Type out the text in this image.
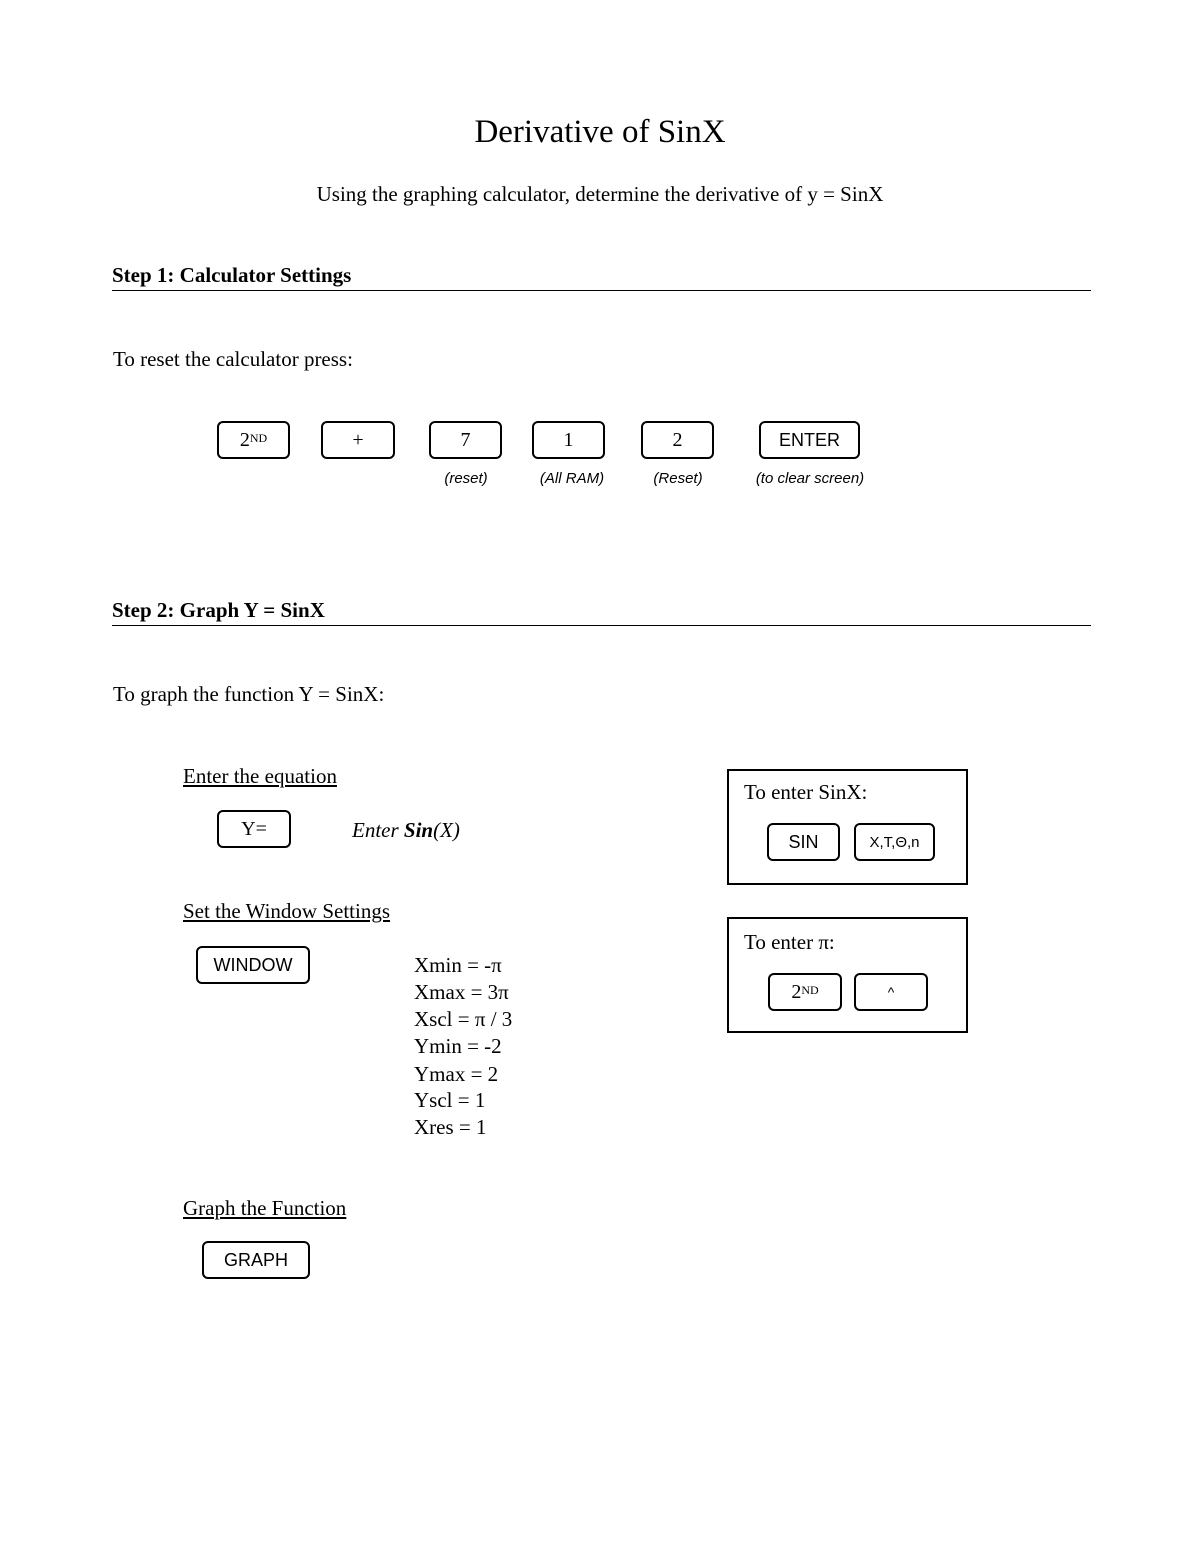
Derivative of SinX
Using the graphing calculator, determine the derivative of y = SinX
Step 1: Calculator Settings
To reset the calculator press:
2ND	+	7	1	2	ENTER
(reset)	(All RAM)	(Reset)	(to clear screen)
Step 2: Graph Y = SinX
To graph the function Y = SinX:
Enter the equation
Y=	Enter Sin(X)
Set the Window Settings
WINDOW	Xmin = -π
Xmax = 3π
Xscl = π / 3
Ymin = -2
Ymax = 2
Yscl = 1
Xres = 1
Graph the Function
GRAPH
To enter SinX:
SIN	X,T,Θ,n
To enter π:
2ND	^
